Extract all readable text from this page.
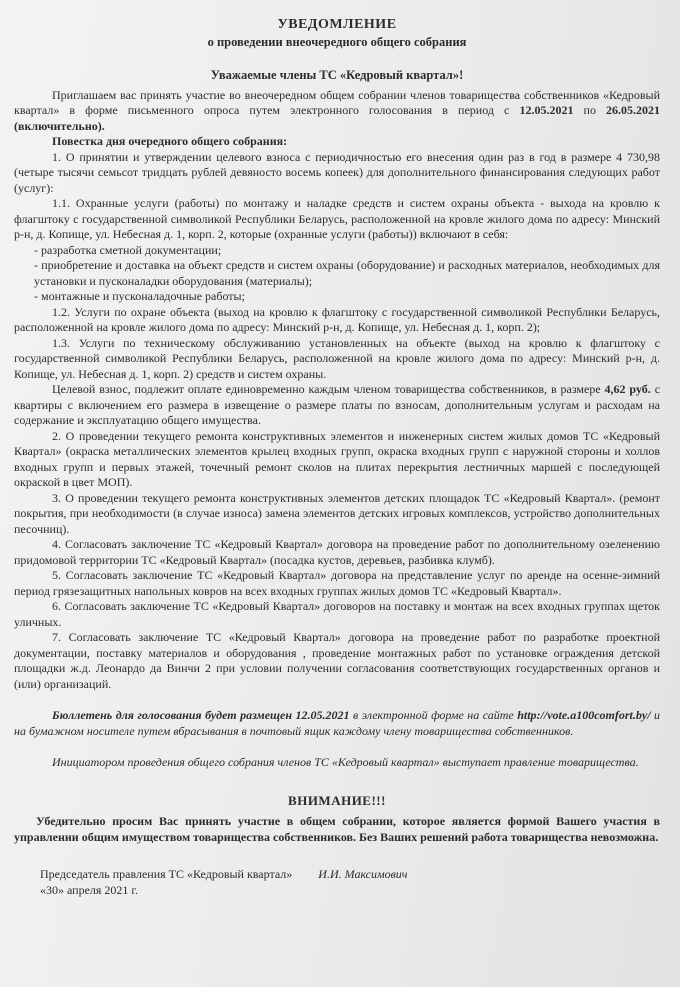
УВЕДОМЛЕНИЕ
о проведении внеочередного общего собрания
Уважаемые члены ТС «Кедровый квартал»!

Приглашаем вас принять участие во внеочередном общем собрании членов товарищества собственников «Кедровый квартал» в форме письменного опроса путем электронного голосования в период с 12.05.2021 по 26.05.2021 (включительно).

Повестка дня очередного общего собрания:

1. О принятии и утверждении целевого взноса с периодичностью его внесения один раз в год в размере 4 730,98 (четыре тысячи семьсот тридцать рублей девяносто восемь копеек) для дополнительного финансирования следующих работ (услуг):

1.1. Охранные услуги (работы) по монтажу и наладке средств и систем охраны объекта - выхода на кровлю к флагштоку с государственной символикой Республики Беларусь, расположенной на кровле жилого дома по адресу: Минский р-н, д. Копище, ул. Небесная д. 1, корп. 2, которые (охранные услуги (работы)) включают в себя:

- разработка сметной документации;

- приобретение и доставка на объект средств и систем охраны (оборудование) и расходных материалов, необходимых для установки и пусконаладки оборудования (материалы);

- монтажные и пусконаладочные работы;

1.2. Услуги по охране объекта (выход на кровлю к флагштоку с государственной символикой Республики Беларусь, расположенной на кровле жилого дома по адресу: Минский р-н, д. Копище, ул. Небесная д. 1, корп. 2);

1.3. Услуги по техническому обслуживанию установленных на объекте (выход на кровлю к флагштоку с государственной символикой Республики Беларусь, расположенной на кровле жилого дома по адресу: Минский р-н, д. Копище, ул. Небесная д. 1, корп. 2) средств и систем охраны.

Целевой взнос, подлежит оплате единовременно каждым членом товарищества собственников, в размере 4,62 руб. с квартиры с включением его размера в извещение о размере платы по взносам, дополнительным услугам и расходам на содержание и эксплуатацию общего имущества.

2. О проведении текущего ремонта конструктивных элементов и инженерных систем жилых домов ТС «Кедровый Квартал» (окраска металлических элементов крылец входных групп, окраска входных групп с наружной стороны и холлов входных групп и первых этажей, точечный ремонт сколов на плитах перекрытия лестничных маршей с последующей окраской в цвет МОП).

3. О проведении текущего ремонта конструктивных элементов детских площадок ТС «Кедровый Квартал». (ремонт покрытия, при необходимости (в случае износа) замена элементов детских игровых комплексов, устройство дополнительных песочниц).

4. Согласовать заключение ТС «Кедровый Квартал» договора на проведение работ по дополнительному озеленению придомовой территории ТС «Кедровый Квартал» (посадка кустов, деревьев, разбивка клумб).

5. Согласовать заключение ТС «Кедровый Квартал» договора на представление услуг по аренде на осенне-зимний период грязезащитных напольных ковров на всех входных группах жилых домов ТС «Кедровый Квартал».

6. Согласовать заключение ТС «Кедровый Квартал» договоров на поставку и монтаж на всех входных группах щеток уличных.

7. Согласовать заключение ТС «Кедровый Квартал» договора на проведение работ по разработке проектной документации, поставку материалов и оборудования , проведение монтажных работ по установке ограждения детской площадки ж.д. Леонардо да Винчи 2 при условии получении согласования соответствующих государственных органов и (или) организаций.

Бюллетень для голосования будет размещен 12.05.2021 в электронной форме на сайте http://vote.a100comfort.by/ и на бумажном носителе путем вбрасывания в почтовый ящик каждому члену товарищества собственников.

Инициатором проведения общего собрания членов ТС «Кедровый квартал» выступает правление товарищества.

ВНИМАНИЕ!!!

Убедительно просим Вас принять участие в общем собрании, которое является формой Вашего участия в управлении общим имуществом товарищества собственников. Без Ваших решений работа товарищества невозможна.

Председатель правления ТС «Кедровый квартал» И.И. Максимович
«30» апреля 2021 г.
